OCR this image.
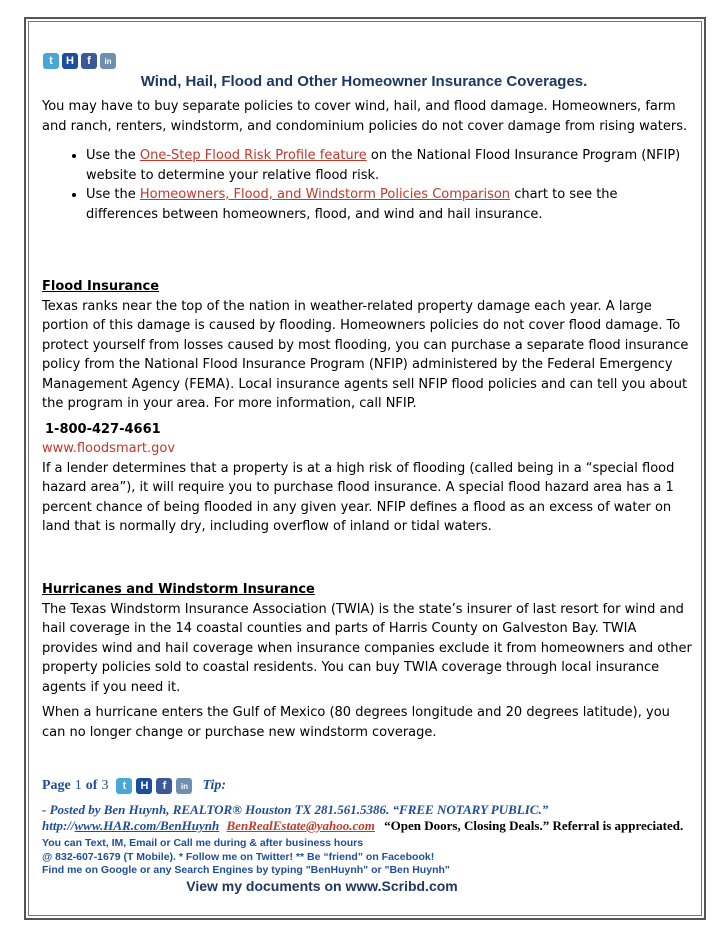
t	H	f	in
Wind, Hail, Flood and Other Homeowner Insurance Coverages.

You may have to buy separate policies to cover wind, hail, and flood damage. Homeowners, farm and ranch, renters, windstorm, and condominium policies do not cover damage from rising waters.

• Use the One-Step Flood Risk Profile feature on the National Flood Insurance Program (NFIP) website to determine your relative flood risk.
• Use the Homeowners, Flood, and Windstorm Policies Comparison chart to see the differences between homeowners, flood, and wind and hail insurance.
Flood Insurance

Texas ranks near the top of the nation in weather-related property damage each year. A large portion of this damage is caused by flooding. Homeowners policies do not cover flood damage. To protect yourself from losses caused by most flooding, you can purchase a separate flood insurance policy from the National Flood Insurance Program (NFIP) administered by the Federal Emergency Management Agency (FEMA). Local insurance agents sell NFIP flood policies and can tell you about the program in your area. For more information, call NFIP.

1-800-427-4661
www.floodsmart.gov

If a lender determines that a property is at a high risk of flooding (called being in a “special flood hazard area”), it will require you to purchase flood insurance. A special flood hazard area has a 1 percent chance of being flooded in any given year. NFIP defines a flood as an excess of water on land that is normally dry, including overflow of inland or tidal waters.

Hurricanes and Windstorm Insurance

The Texas Windstorm Insurance Association (TWIA) is the state’s insurer of last resort for wind and hail coverage in the 14 coastal counties and parts of Harris County on Galveston Bay. TWIA provides wind and hail coverage when insurance companies exclude it from homeowners and other property policies sold to coastal residents. You can buy TWIA coverage through local insurance agents if you need it.

When a hurricane enters the Gulf of Mexico (80 degrees longitude and 20 degrees latitude), you can no longer change or purchase new windstorm coverage.

Page 1 of 3	t	H	f	in	Tip:
- Posted by Ben Huynh, REALTOR® Houston TX 281.561.5386. “FREE NOTARY PUBLIC.”
http://www.HAR.com/BenHuynh BenRealEstate@yahoo.com “Open Doors, Closing Deals.” Referral is appreciated. You can Text, IM, Email or Call me during & after business hours
@ 832-607-1679 (T Mobile). * Follow me on Twitter! ** Be “friend” on Facebook!
Find me on Google or any Search Engines by typing "BenHuynh" or "Ben Huynh"
View my documents on www.Scribd.com
